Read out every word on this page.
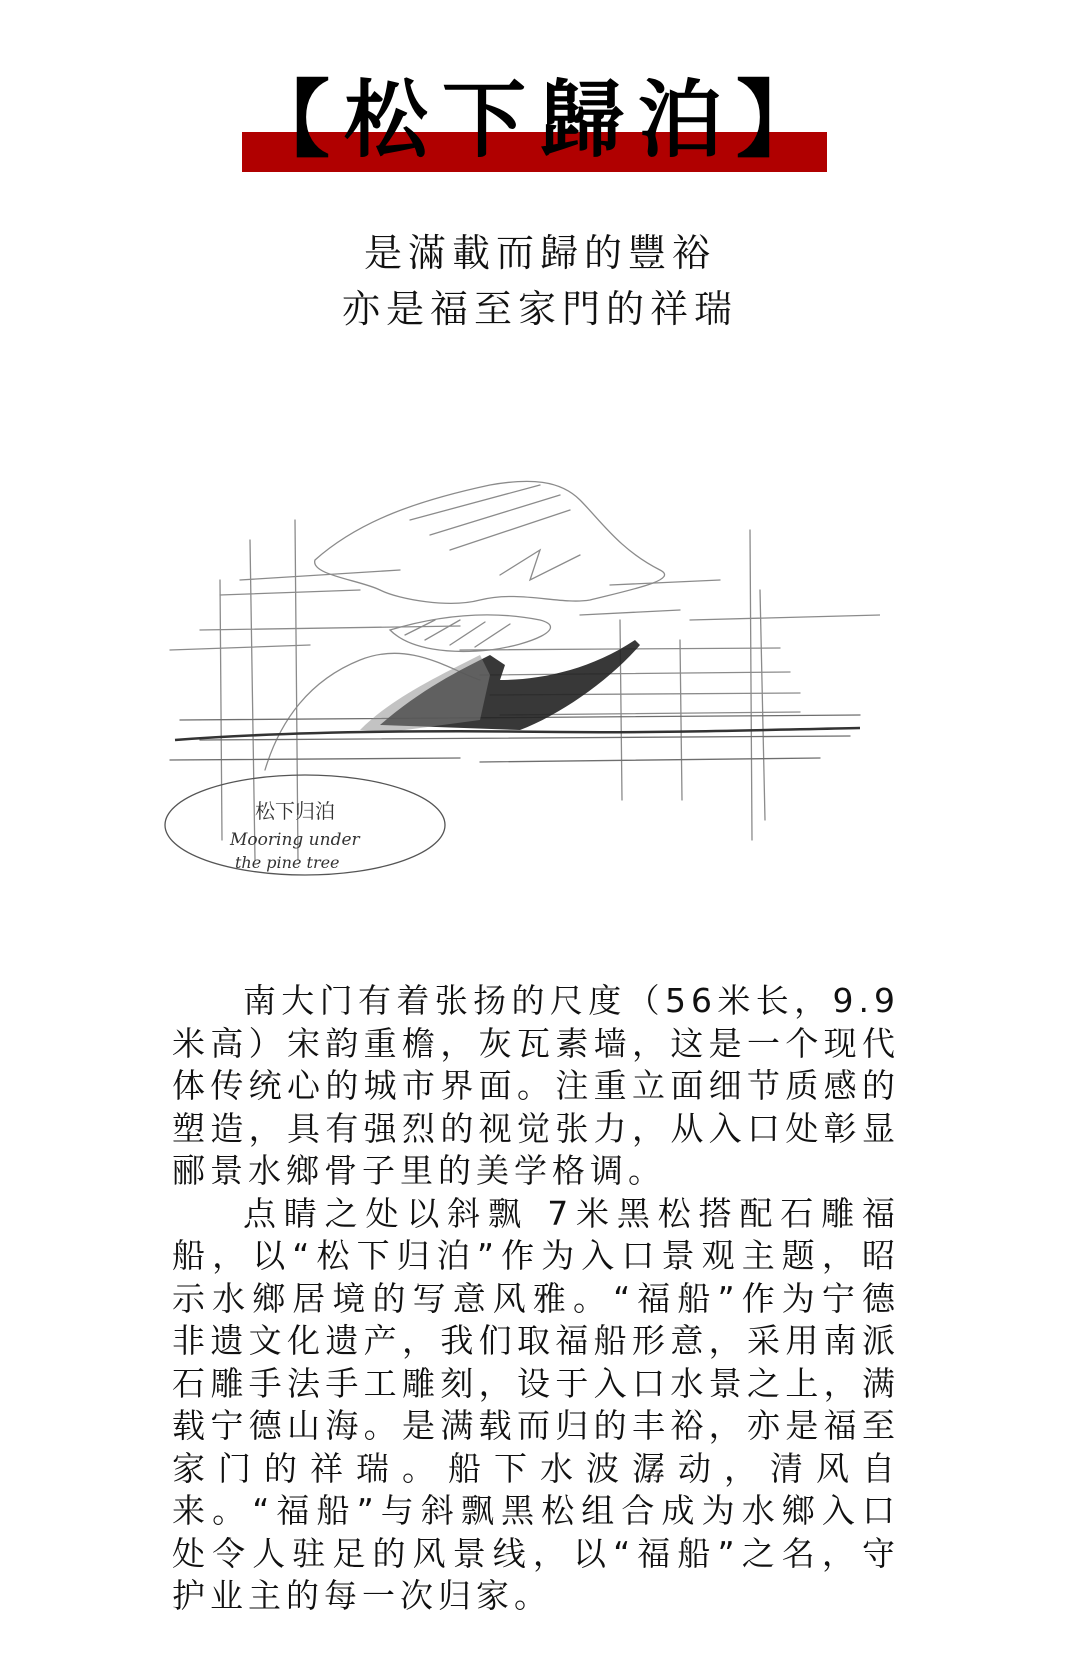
【松下歸泊】
是滿載而歸的豐裕
亦是福至家門的祥瑞
松下归泊
Mooring under
the pine tree

南大门有着张扬的尺度（56米长，9.9米高）宋韵重檐，灰瓦素墙，这是一个现代体传统心的城市界面。注重立面细节质感的塑造，具有强烈的视觉张力，从入口处彰显郦景水鄉骨子里的美学格调。

点睛之处以斜飘 7米黑松搭配石雕福船，以“松下归泊”作为入口景观主题，昭示水鄉居境的写意风雅。“福船”作为宁德非遗文化遗产，我们取福船形意，采用南派石雕手法手工雕刻，设于入口水景之上，满载宁德山海。是满载而归的丰裕，亦是福至家门的祥瑞。船下水波潺动，清风自来。“福船”与斜飘黑松组合成为水鄉入口处令人驻足的风景线，以“福船”之名，守护业主的每一次归家。
